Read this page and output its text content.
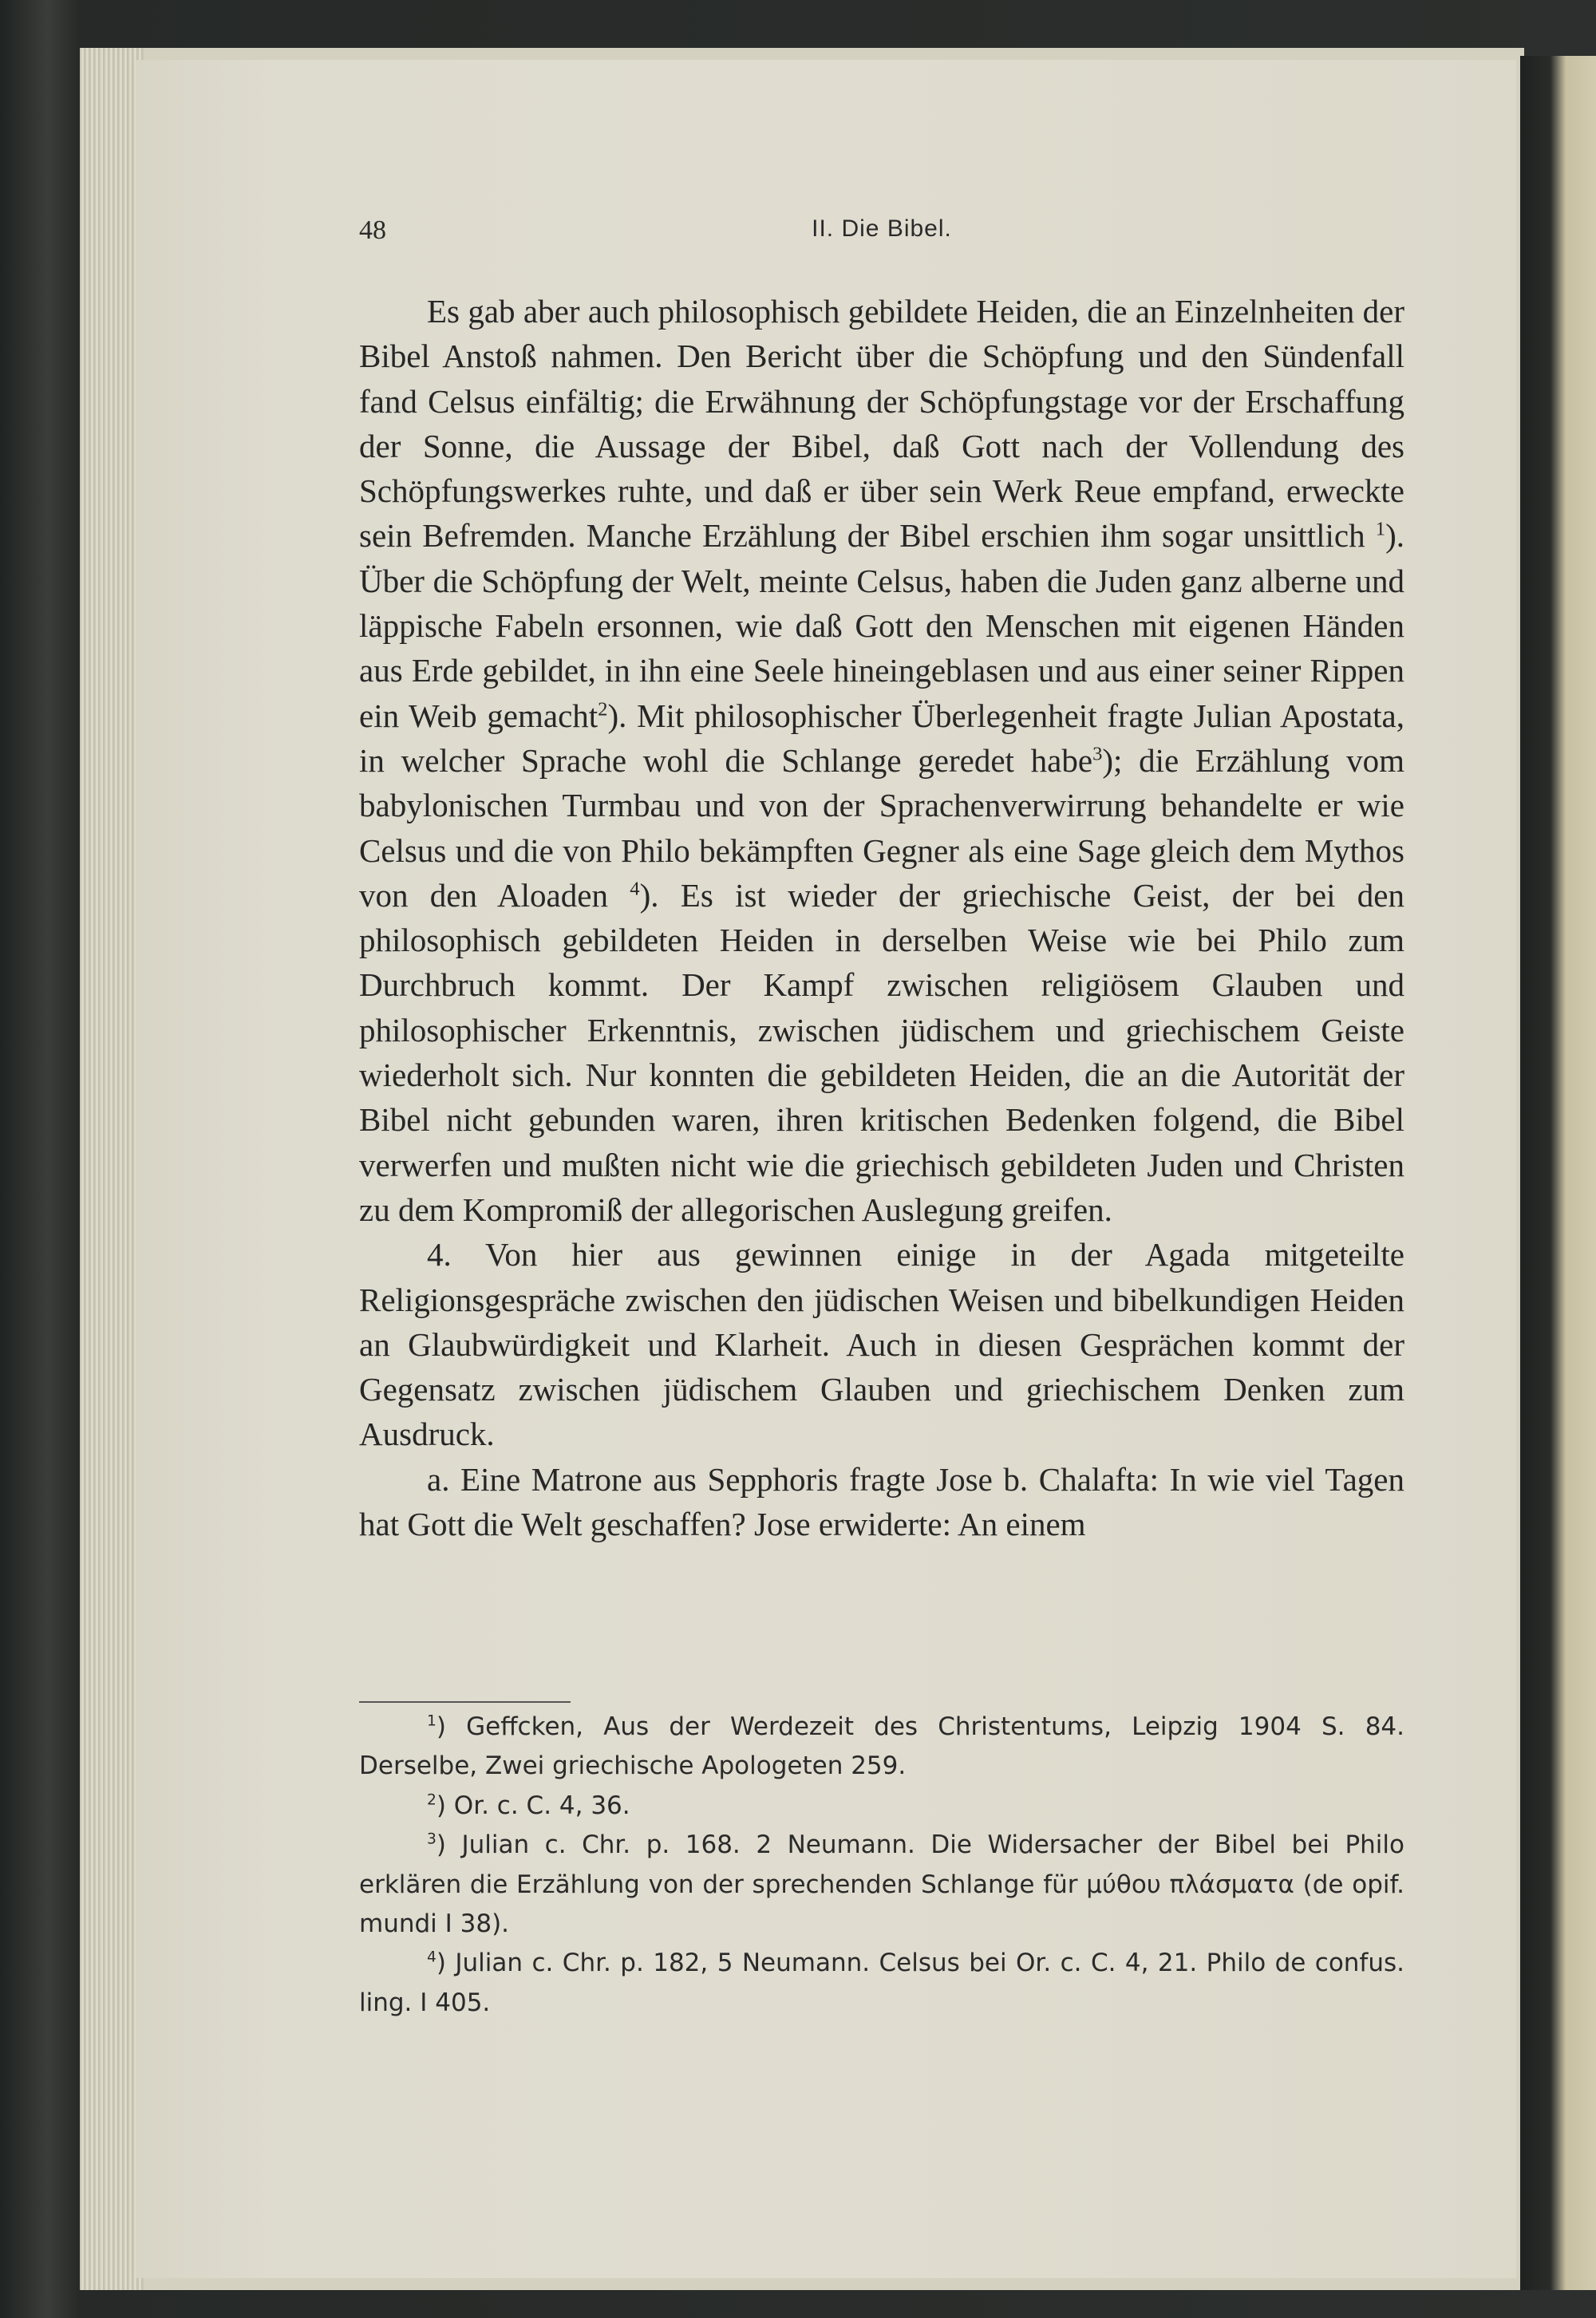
48	II. Die Bibel.

Es gab aber auch philosophisch gebildete Heiden, die an Einzelnheiten der Bibel Anstoß nahmen. Den Bericht über die Schöpfung und den Sündenfall fand Celsus einfältig; die Erwähnung der Schöpfungstage vor der Erschaffung der Sonne, die Aussage der Bibel, daß Gott nach der Vollendung des Schöpfungswerkes ruhte, und daß er über sein Werk Reue empfand, erweckte sein Befremden. Manche Erzählung der Bibel erschien ihm sogar unsittlich $^1$). Über die Schöpfung der Welt, meinte Celsus, haben die Juden ganz alberne und läppische Fabeln ersonnen, wie daß Gott den Menschen mit eigenen Händen aus Erde gebildet, in ihn eine Seele hineingeblasen und aus einer seiner Rippen ein Weib gemacht$^2$). Mit philosophischer Überlegenheit fragte Julian Apostata, in welcher Sprache wohl die Schlange geredet habe$^3$); die Erzählung vom babylonischen Turmbau und von der Sprachenverwirrung behandelte er wie Celsus und die von Philo bekämpften Gegner als eine Sage gleich dem Mythos von den Aloaden $^4$). Es ist wieder der griechische Geist, der bei den philosophisch gebildeten Heiden in derselben Weise wie bei Philo zum Durchbruch kommt. Der Kampf zwischen religiösem Glauben und philosophischer Erkenntnis, zwischen jüdischem und griechischem Geiste wiederholt sich. Nur konnten die gebildeten Heiden, die an die Autorität der Bibel nicht gebunden waren, ihren kritischen Bedenken folgend, die Bibel verwerfen und mußten nicht wie die griechisch gebildeten Juden und Christen zu dem Kompromiß der allegorischen Auslegung greifen.

4. Von hier aus gewinnen einige in der Agada mitgeteilte Religionsgespräche zwischen den jüdischen Weisen und bibelkundigen Heiden an Glaubwürdigkeit und Klarheit. Auch in diesen Gesprächen kommt der Gegensatz zwischen jüdischem Glauben und griechischem Denken zum Ausdruck.

a. Eine Matrone aus Sepphoris fragte Jose b. Chalafta: In wie viel Tagen hat Gott die Welt geschaffen? Jose erwiderte: An einem

$^1$) Geffcken, Aus der Werdezeit des Christentums, Leipzig 1904 S. 84. Derselbe, Zwei griechische Apologeten 259.

$^2$) Or. c. C. 4, 36.

$^3$) Julian c. Chr. p. 168. 2 Neumann. Die Widersacher der Bibel bei Philo erklären die Erzählung von der sprechenden Schlange für μύθου πλάσματα (de opif. mundi I 38).

$^4$) Julian c. Chr. p. 182, 5 Neumann. Celsus bei Or. c. C. 4, 21. Philo de confus. ling. I 405.
